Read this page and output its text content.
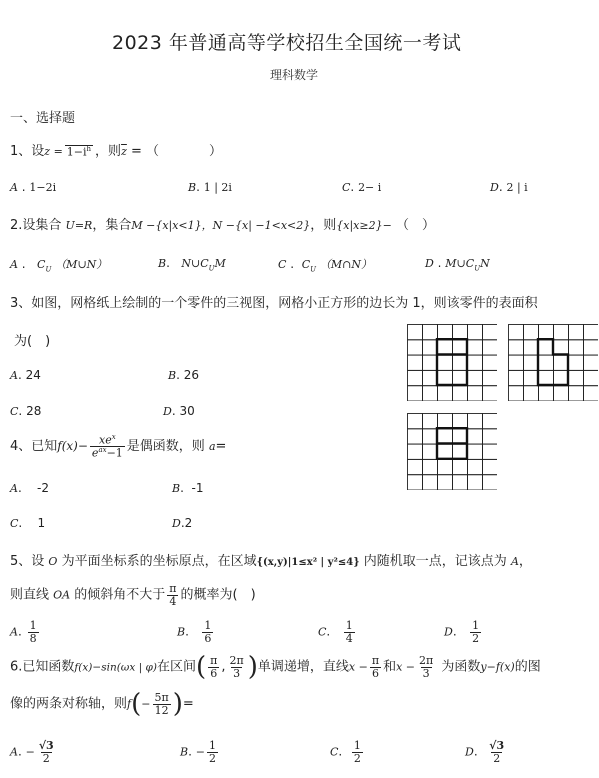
2023 年普通高等学校招生全国统一考试
理科数学
一、选择题
1、设$z = 1-i^h$ ，则$\overline{z}$ = （	）
A . 1−2i	B. 1 | 2i	C. 2− i	D. 2 | i
2.设集合 U=R，集合M −{x|x<1}，N −{x| −1<x<2}，则{x|x≥2}− （　）
A .   $C_U$ （M∪N）	B.   $N\cup C_UM$	C .  $C_U$ （M∩N）	D . $M\cup C_UN$
3、如图，网格纸上绘制的一个零件的三视图，网格小正方形的边长为 1，则该零件的表面积
为(　)
A. 24	B. 26
C. 28	D. 30
4、已知$f(x)- \frac{xe^x}{e^{ax}-1}$ 是偶函数，则 a=
A.    -2	B.  -1
C.    1	D.2
5、设 O 为平面坐标系的坐标原点，在区域{(x,y)|1≤x² | y²≤4} 内随机取一点，记该点为 A，
则直线 OA 的倾斜角不大于 $\frac{\pi}{4}$ 的概率为(　)
A. $\frac{1}{8}$	B. $\frac{1}{6}$	C. $\frac{1}{4}$	D. $\frac{1}{2}$
6.已知函数f(x)−sin(ωx | φ)在区间( $\frac{\pi}{6}$ , $\frac{2\pi}{3}$ )单调递增，直线$x - \frac{\pi}{6}$ 和$x - \frac{2\pi}{3}$ 为函数y−f(x)的图
像的两条对称轴，则$f(- \frac{5\pi}{12}$ )=
A. − $\frac{√3}{2}$	B. − $\frac{1}{2}$	C. $\frac{1}{2}$	D. $\frac{√3}{2}$
